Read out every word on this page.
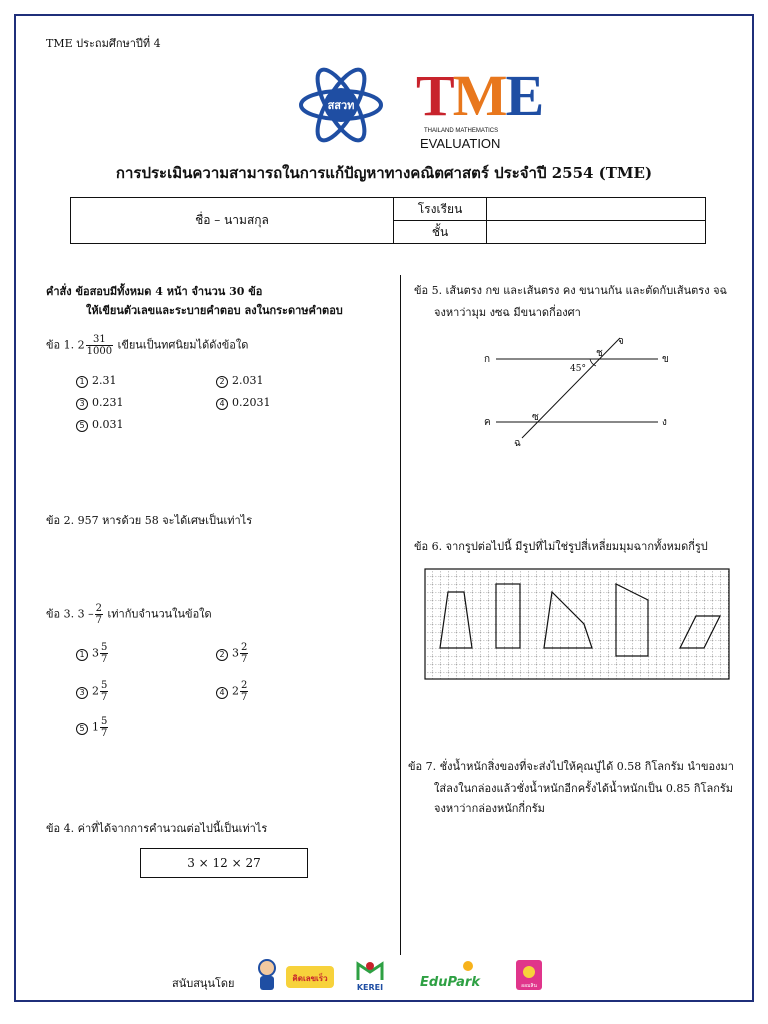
TME ประถมศึกษาปีที่ 4
สสวท TME
THAILAND MATHEMATICS
EVALUATION
การประเมินความสามารถในการแก้ปัญหาทางคณิตศาสตร์ ประจำปี 2554 (TME)
ชื่อ – นามสกุล	โรงเรียน	
	ชั้น	
คำสั่ง ข้อสอบมีทั้งหมด 4 หน้า จำนวน 30 ข้อ
ให้เขียนตัวเลขและระบายคำตอบ ลงในกระดาษคำตอบ
ข้อ 1. $2 \frac{31}{1000}$ เขียนเป็นทศนิยมได้ดังข้อใด
1 2.31	2 2.031
3 0.231	4 0.2031
5 0.031
ข้อ 2. 957 หารด้วย 58 จะได้เศษเป็นเท่าไร
ข้อ 3. $3 - \frac{2}{7}$ เท่ากับจำนวนในข้อใด
1 $3 \frac{5}{7}$	2 $3 \frac{2}{7}$
3 $2 \frac{5}{7}$	4 $2 \frac{2}{7}$
5 $1 \frac{5}{7}$
ข้อ 4. ค่าที่ได้จากการคำนวณต่อไปนี้เป็นเท่าไร
3 × 12 × 27
ข้อ 5. เส้นตรง กข และเส้นตรง คง ขนานกัน และตัดกับเส้นตรง จฉ
จงหาว่ามุม งซฉ มีขนาดกี่องศา
ก	ข
ค	ง
จ
ฉ
ช
ซ
45°
ข้อ 6. จากรูปต่อไปนี้ มีรูปที่ไม่ใช่รูปสี่เหลี่ยมมุมฉากทั้งหมดกี่รูป
ข้อ 7. ชั่งน้ำหนักสิ่งของที่จะส่งไปให้คุณปู่ได้ 0.58 กิโลกรัม นำของมา
ใส่ลงในกล่องแล้วชั่งน้ำหนักอีกครั้งได้น้ำหนักเป็น 0.85 กิโลกรัม
จงหาว่ากล่องหนักกี่กรัม
สนับสนุนโดย	คิดเลขเร็ว
KEREI	EduPark	ออมสิน
